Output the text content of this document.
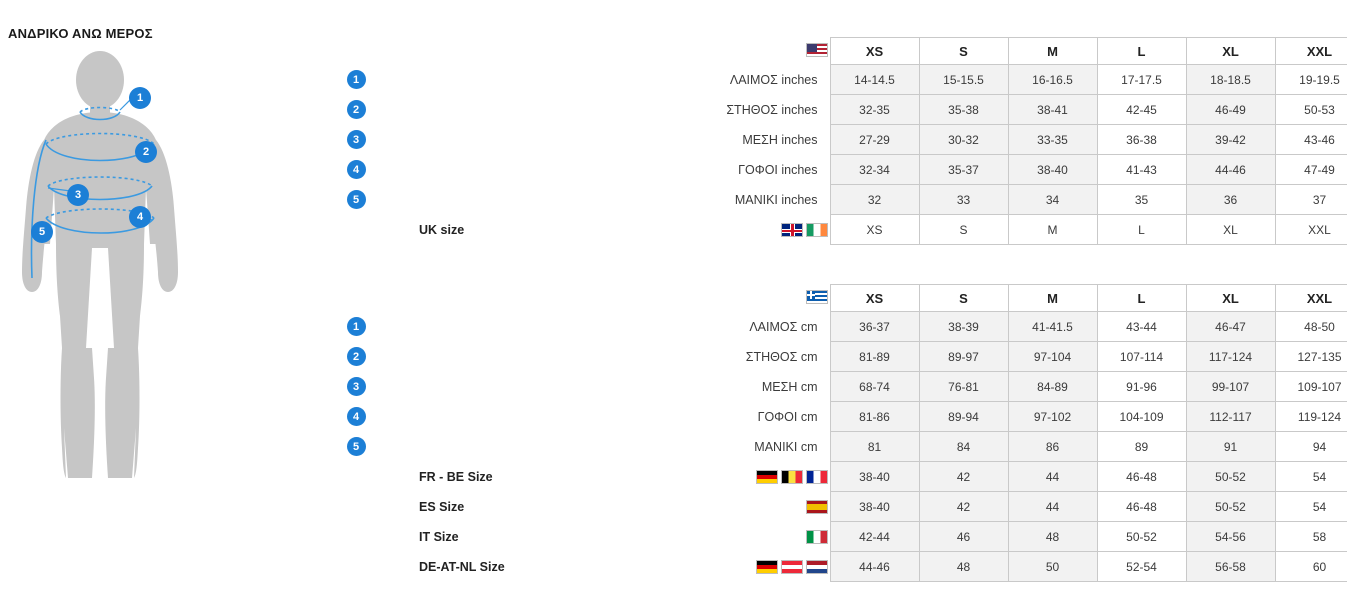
ΑΝΔΡΙΚΟ ΑΝΩ ΜΕΡΟΣ
1
2
3
4
5

	XS	S	M	L	XL	XXL
1	ΛΑΙΜΟΣ inches	14-14.5	15-15.5	16-16.5	17-17.5	18-18.5	19-19.5
2	ΣΤΗΘΟΣ inches	32-35	35-38	38-41	42-45	46-49	50-53
3	ΜΕΣΗ inches	27-29	30-32	33-35	36-38	39-42	43-46
4	ΓΟΦΟΙ inches	32-34	35-37	38-40	41-43	44-46	47-49
5	ΜΑΝΙΚΙ inches	32	33	34	35	36	37

UK size	XS	S	M	L	XL	XXL

	XS	S	M	L	XL	XXL
1	ΛΑΙΜΟΣ cm	36-37	38-39	41-41.5	43-44	46-47	48-50
2	ΣΤΗΘΟΣ cm	81-89	89-97	97-104	107-114	117-124	127-135
3	ΜΕΣΗ cm	68-74	76-81	84-89	91-96	99-107	109-107
4	ΓΟΦΟΙ cm	81-86	89-94	97-102	104-109	112-117	119-124
5	ΜΑΝΙΚΙ cm	81	84	86	89	91	94

FR - BE Size	38-40	42	44	46-48	50-52	54

ES Size	38-40	42	44	46-48	50-52	54

IT Size	42-44	46	48	50-52	54-56	58

DE-AT-NL Size	44-46	48	50	52-54	56-58	60
